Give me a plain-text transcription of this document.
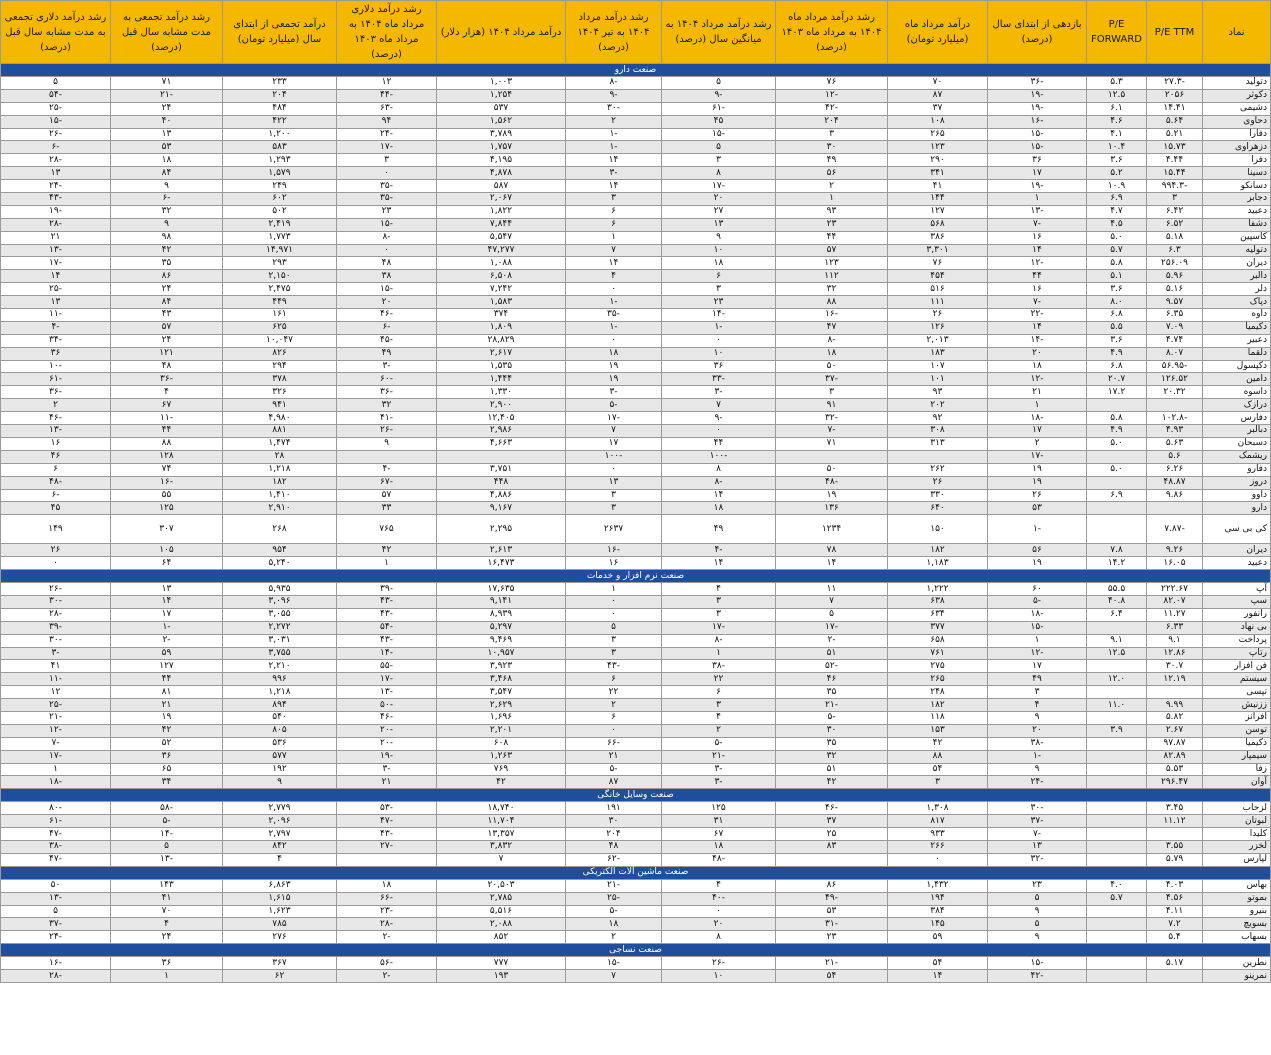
نماد	P/E TTM	P/E FORWARD	بازدهی از ابتدای سال (درصد)	درآمد مرداد ماه (میلیارد تومان)	رشد درآمد مرداد ماه ۱۴۰۴ به مرداد ماه ۱۴۰۳ (درصد)	رشد درآمد مرداد ۱۴۰۴ به میانگین سال (درصد)	رشد درآمد مرداد ۱۴۰۴ به تیر ۱۴۰۴ (درصد)	درآمد مرداد ۱۴۰۴ (هزار دلار)	رشد درآمد دلاری مرداد ماه ۱۴۰۴ به مرداد ماه ۱۴۰۳ (درصد)	درآمد تجمعی از ابتدای سال (میلیارد تومان)	رشد درآمد تجمعی به مدت مشابه سال قبل (درصد)	رشد درآمد دلاری تجمعی به مدت مشابه سال قبل (درصد)
صنعت دارو												
دتولید	-۲۷.۳	۵.۳	-۳۶	۷۰	۷۶	۵	-۸	۱,۰۰۳	۱۲	۲۳۳	۷۱	۵
دکوثر	۲۰۵۶	۱۲.۵	-۱۹	۸۷	-۱۲	-۹	-۹	۱,۲۵۴	-۴۴	۲۰۴	-۲۱	-۵۴
دشیمی	۱۴.۴۱	۶.۱	-۱۹	۳۷	-۴۲	-۶۱	-۳۰	۵۳۷	-۶۳	۴۸۴	۲۴	-۲۵
دحاوی	۵.۶۴	۴.۶	-۱۶	۱۰۸	۲۰۴	۴۵	۲	۱,۵۶۲	۹۴	۴۲۲	۴۰	-۱۵
دفارا	۵.۲۱	۴.۱	-۱۵	۲۶۵	۳	-۱۵	-۱	۳,۷۸۹	-۲۴	۱,۲۰۰	۱۳	-۲۶
دزهراوی	۱۵.۷۳	۱۰.۴	-۱۵	۱۲۳	۳۰	۵	-۱	۱,۷۵۷	-۱۷	۵۸۳	۵۳	-۶
دفرا	۴.۴۴	۳.۶	۳۶	۲۹۰	۴۹	۳	۱۴	۴,۱۹۵	۳	۱,۲۹۳	۱۸	-۲۸
دسینا	۱۵.۴۴	۵.۲	۱۷	۳۴۱	۵۶	۸	-۳	۴,۸۷۸	۰	۱,۵۷۹	۸۴	۱۳
دسانکو	-۹۹۴.۳	۱۰.۹	-۱۹	۴۱	۲	-۱۷	۱۴	۵۸۷	-۳۵	۲۴۹	۹	-۲۴
دجابر	۳	۶.۹	۱	۱۴۴	۱	۲۰	۳	۲,۰۶۷	-۳۵	۶۰۲	-۶	-۴۳
دعبید	۶.۴۲	۴.۷	-۱۳	۱۲۷	۹۳	۲۷	۶	۱,۸۲۲	۲۳	۵۰۲	۳۲	-۱۹
دشفا	۶.۵۲	۴.۵	-۷	۵۶۸	۲۳	۱۳	۶	۷,۸۴۴	-۱۵	۲,۴۱۹	۹	-۲۸
کاسپین	۵.۱۸	۵.۰	۱۶	۳۸۶	۴۴	۹	۱	۵,۵۴۷	-۸	۱,۷۷۳	۹۸	۲۱
دتولیه	۶.۳	۵.۷	۱۴	۳,۳۰۱	۵۷	۱۰	۷	۴۷,۲۷۷	۰	۱۴,۹۷۱	۴۲	-۱۳
دیران	۲۵۶.۰۹	۵.۸	-۱۲	۷۶	۱۲۳	۱۸	۱۴	۱,۰۸۸	۴۸	۲۹۳	۳۵	-۱۷
دالبر	۵.۹۶	۵.۱	۴۴	۴۵۴	۱۱۲	۶	۴	۶,۵۰۸	۳۸	۲,۱۵۰	۸۶	۱۴
دلر	۵.۱۶	۳.۶	۱۶	۵۱۶	۳۲	۳	۰	۷,۲۴۲	-۱۵	۲,۴۷۵	۲۴	-۲۵
دپاک	۹.۵۷	۸.۰	-۷	۱۱۱	۸۸	۲۳	-۱	۱,۵۸۳	۲۰	۴۴۹	۸۴	۱۳
داوه	۶.۳۵	۶.۸	-۲۲	۲۶	-۱۶	-۱۴	-۳۵	۳۷۴	-۴۶	۱۶۱	۴۳	-۱۱
دکیمیا	۷.۰۹	۵.۵	۱۴	۱۲۶	۴۷	-۱	-۱	۱,۸۰۹	-۶	۶۲۵	۵۷	-۴
دعبیر	۴.۷۴	۳.۶	-۱۴	۲,۰۱۳	-۸	۰	۰	۲۸,۸۲۹	-۴۵	۱۰,۰۴۷	۲۴	-۳۴
دلقما	۸.۰۷	۴.۹	۲۰	۱۸۳	۱۸	۱۰	۱۸	۲,۶۱۷	۴۹	۸۲۶	۱۲۱	۳۶
دکپسول	-۵۶.۹۵	۶.۸	۱۸	۱۰۷	۵۰	۳۶	۱۹	۱,۵۳۵	-۳	۲۹۴	۴۸	-۱۰
دامین	۱۲۶.۵۲	۲۰.۷	-۱۲	۱۰۱	-۳۷	-۳۳	۱۹	۱,۴۴۴	-۶۰	۳۷۸	-۳۶	-۶۱
داسوه	۲۰.۳۲	۱۷.۲	۲۱	۹۳	۳	-۳	-۳	۱,۳۳۰	-۳۶	۳۲۶	۴	-۳۶
درازک			۱	۲۰۲	۹۱	۷	-۵	۲,۹۰۰	۳۲	۹۴۱	۶۷	۲
دفارس	-۱۰۲.۸	۵.۸	-۱۸	۹۲	-۳۲	-۹	-۱۷	۱۲,۴۰۵	-۴۱	۴,۹۸۰	-۱۱	-۴۶
دبالبر	۴.۹۳	۴.۹	۱۷	۳۰۸	-۷	۰	۷	۲,۹۸۶	-۲۶	۸۸۱	۴۴	-۱۳
دسبحان	۵.۶۳	۵.۰	۲	۳۱۳	۷۱	۴۴	۱۷	۴,۶۶۳	۹	۱,۴۷۴	۸۸	۱۶
ریشمک	۵.۶		-۱۷			-۱۰۰	-۱۰۰			۲۸	۱۲۸	۴۶
دفارو	۶.۲۶	۵.۰	۱۹	۲۶۲	۵۰	۸	۰	۳,۷۵۱	-۴	۱,۲۱۸	۷۴	۶
دروز	۴۸.۸۷		۱۹	۲۶	-۴۸	-۸	۱۳	۴۴۸	-۶۷	۱۸۲	-۱۶	-۴۸
داوو	۹.۸۶	۶.۹	۲۶	۳۳۰	۱۹	۱۴	۳	۴,۸۸۶	۵۷	۱,۴۱۰	۵۵	-۶
دارو			۵۳	۶۴۰	۱۳۶	۱۸	۳	۹,۱۶۷	۳۳	۲,۹۱۰	۱۲۵	۴۵
کی بی سی	-۷.۸۷		-۱	۱۵۰	۱۲۳۴	۴۹	۲۶۳۷	۲,۲۹۵	۷۶۵	۲۶۸	۳۰۷	۱۴۹
دیران	۹.۲۶	۷.۸	۵۶	۱۸۲	۷۸	-۴	-۱۶	۲,۶۱۳	۴۲	۹۵۴	۱۰۵	۲۶
دعبید	۱۶.۰۵	۱۴.۲	۱۹	۱,۱۸۳	۱۴	۱۴	۱۶	۱۶,۴۷۳	۱	۵,۲۴۰	۶۴	۰
صنعت نرم افزار و خدمات												
آپ	۲۲۲.۶۷	۵۵.۵	۶۰	۱,۲۲۲	۱۱	۴	۱	۱۷,۶۳۵	-۳۹	۵,۹۳۵	۱۳	-۲۶
سپ	۸۲.۰۷	۴۰.۸	-۵	۶۳۸	۷	۳	۰	۹,۱۴۱	-۴۳	۳,۰۹۶	۱۴	-۳۰
رانفور	۱۱.۲۷	۶.۴	-۱۸	۶۳۴	۵	۳	۰	۸,۹۳۹	-۴۳	۳,۰۵۵	۱۷	-۲۸
بی نهاد	۶.۳۳		-۱۵	۳۷۷	-۱۷	-۱۷	۵	۵,۲۹۷	-۵۴	۲,۲۷۲	-۱	-۳۹
پرداخت	۹.۱	۹.۱	۱	۶۵۸	-۲	-۸	۳	۹,۴۶۹	-۴۳	۳,۰۳۱	-۲	-۳۰
رتاپ	۱۲.۸۶	۱۲.۵	-۱۲	۷۶۱	۵۱	۱	۳	۱۰,۹۵۷	-۱۴	۳,۷۵۵	۵۹	-۳
فن افزار	۳۰.۷		۱۷	۲۷۵	-۵۲	-۳۸	-۴۳	۳,۹۲۳	-۵۵	۲,۲۱۰	۱۲۷	۴۱
سیستم	۱۲.۱۹	۱۲.۰	۴۹	۲۶۵	۴۶	۲۲	۶	۳,۴۶۸	-۱۷	۹۹۶	۴۴	-۱۱
تپسی			۳	۲۴۸	۳۵	۶	۲۲	۳,۵۴۷	-۱۳	۱,۲۱۸	۸۱	۱۲
ززنیش	۹.۹۹	۱۱.۰	۴	۱۸۲	-۲۱	۳	۲	۲,۶۲۹	-۵۰	۸۹۴	۲۱	-۲۵
افرانز	۵.۸۲		۹	۱۱۸	-۵	۴	۶	۱,۶۹۶	-۴۶	۵۴۰	۱۹	-۲۱
توسن	۲.۶۷	۳.۹	۲۰	۱۵۳	۳۰	۲	۰	۲,۲۰۱	-۲۰	۸۰۵	۴۲	-۱۲
ذکیمیا	۹۷.۸۷		-۳۸	۴۲	۳۵	-۵	-۶۶	۶۰۸	-۲۰	۵۳۶	۵۲	-۷
سیمپار	۸۲.۸۹		-۱	۸۸	۳۲	-۲۱	۲۱	۱,۲۶۳	-۱۹	۵۷۷	۳۶	-۱۷
زفا	۵.۵۳		۹	۵۴	۵۱	-۳	-۵	۷۶۹	-۳	۱۹۲	۶۵	۱
آوان	۲۹۶.۴۷		-۲۴	۳	۴۲	-۳	۸۷	۴۲	۲۱	۹	۳۴	-۱۸
صنعت وسایل خانگی												
لزحاب	۳.۴۵		-۳۰	۱,۳۰۸	-۴۶	۱۲۵	۱۹۱	۱۸,۷۴۰	-۵۳	۲,۷۷۹	-۵۸	-۸۰
لبوتان	۱۱.۱۲		-۳۷	۸۱۷	۳۷	۳۱	۳۰	۱۱,۷۰۴	-۴۷	۲,۰۹۶	-۵	-۶۱
کلیدا			-۷	۹۳۳	۲۵	۶۷	۲۰۴	۱۳,۳۵۷	-۴۳	۲,۷۹۷	-۱۴	-۴۷
لخزر	۳.۵۵		۱۳	۲۶۶	۸۳	۱۸	۴۸	۳,۸۳۲	-۲۷	۸۴۲	۵	-۳۸
لپارس	۵.۷۹		-۳۲	۰		-۴۸	-۶۲	۷		۴	-۱۳	-۴۷
صنعت ماشین آلات الکتریکی												
بهاس	۴.۰۳	۴.۰	۲۳	۱,۴۳۲	۸۶	۴	-۲۱	۲۰,۵۰۳	۱۸	۶,۸۶۳	۱۴۳	۵۰
بموتو	۴.۵۶	۵.۷	۵	۱۹۴	-۴۹	-۴۰	-۲۵	۲,۷۸۵	-۶۶	۱,۶۱۵	۴۱	-۱۳
بنیرو	۴.۱۱		۹	۳۸۴	۵۳	۰	-۵	۵,۵۱۶	-۲۳	۱,۶۲۳	۷۰	۵
بسویچ	۷.۲		۵	۱۴۵	-۳۱	۲۰	۱۸	۲,۰۸۸	-۲۸	۷۸۵	۴	-۳۷
بسهاب	۵.۴		۹	۵۹	۲۳	۸	۲	۸۵۲	-۲	۲۷۶	۲۴	-۲۴
صنعت نساجی												
نطرین	۵.۱۷		-۱۵	۵۴	-۲۱	-۲۶	-۱۵	۷۷۷	-۵۶	۳۶۷	۳۶	-۱۶
نمرینو			-۴۲	۱۴	۵۴	۱۰	۷	۱۹۳	-۲	۶۲	۱	-۲۸
